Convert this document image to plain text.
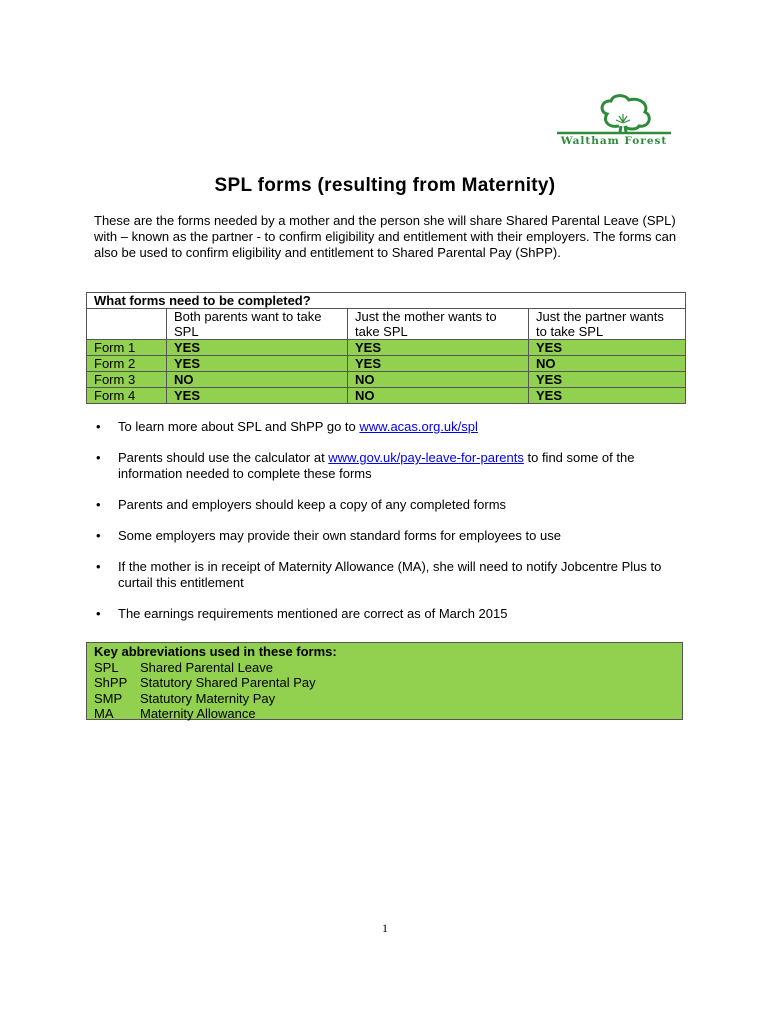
Waltham Forest
SPL forms (resulting from Maternity)
These are the forms needed by a mother and the person she will share Shared Parental Leave (SPL) with – known as the partner - to confirm eligibility and entitlement with their employers. The forms can also be used to confirm eligibility and entitlement to Shared Parental Pay (ShPP).
What forms need to be completed?			
	Both parents want to take SPL	Just the mother wants to take SPL	Just the partner wants to take SPL
Form 1	YES	YES	YES
Form 2	YES	YES	NO
Form 3	NO	NO	YES
Form 4	YES	NO	YES
• To learn more about SPL and ShPP go to www.acas.org.uk/spl
• Parents should use the calculator at www.gov.uk/pay-leave-for-parents to find some of the information needed to complete these forms
• Parents and employers should keep a copy of any completed forms
• Some employers may provide their own standard forms for employees to use
• If the mother is in receipt of Maternity Allowance (MA), she will need to notify Jobcentre Plus to curtail this entitlement
• The earnings requirements mentioned are correct as of March 2015
Key abbreviations used in these forms:
SPL Shared Parental Leave
ShPP Statutory Shared Parental Pay
SMP Statutory Maternity Pay
MA Maternity Allowance
1
